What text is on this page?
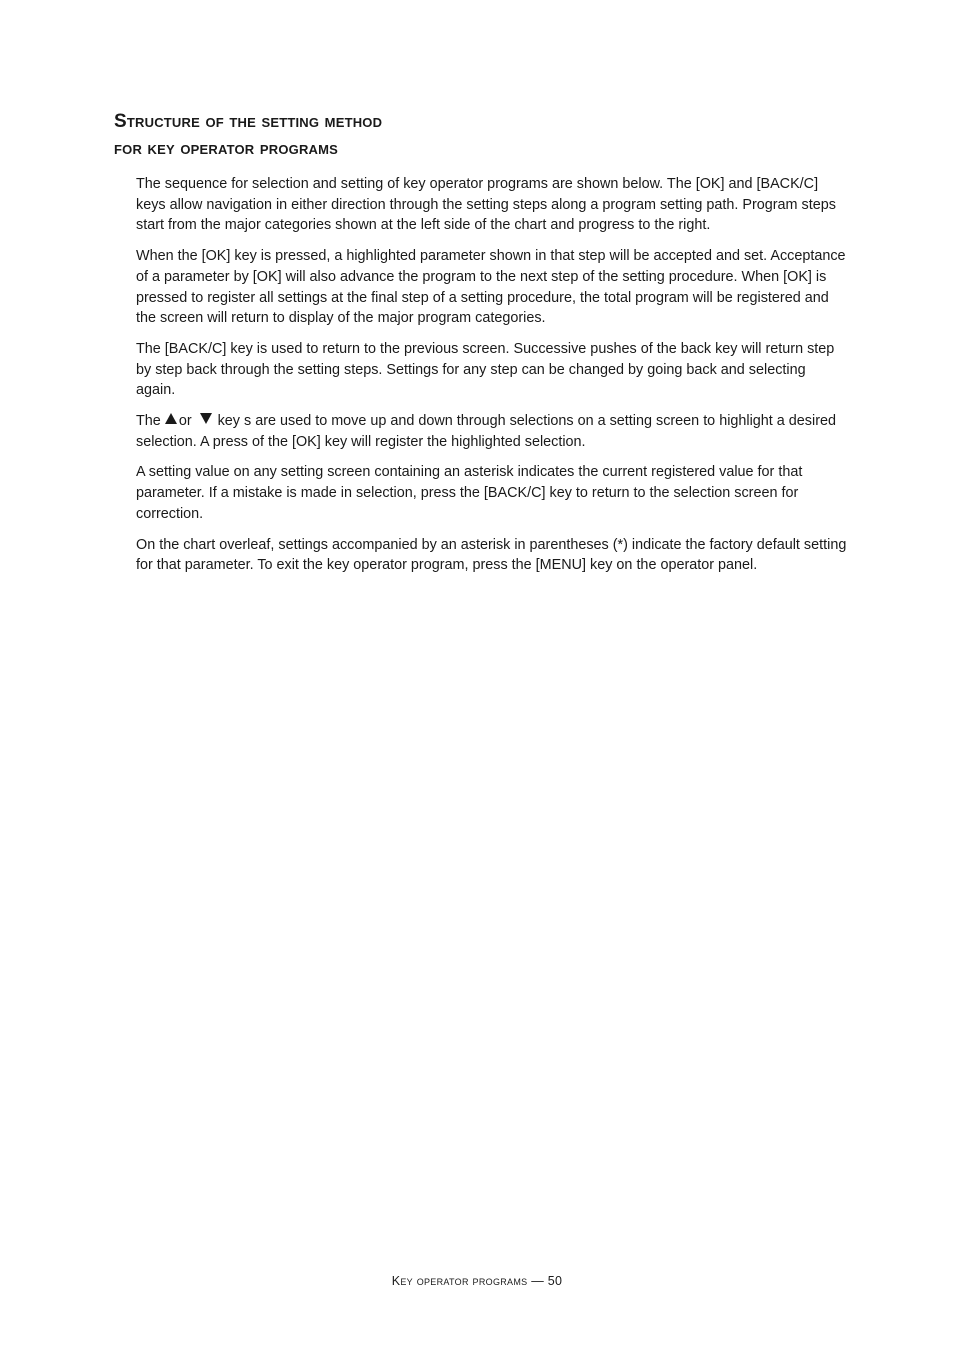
Structure of the setting method
for key operator programs

The sequence for selection and setting of key operator programs are shown below. The [OK] and [BACK/C] keys allow navigation in either direction through the setting steps along a program setting path. Program steps start from the major categories shown at the left side of the chart and progress to the right.

When the [OK] key is pressed, a highlighted parameter shown in that step will be accepted and set. Acceptance of a parameter by [OK] will also advance the program to the next step of the setting procedure. When [OK] is pressed to register all settings at the final step of a setting procedure, the total program will be registered and the screen will return to display of the major program categories.

The [BACK/C] key is used to return to the previous screen. Successive pushes of the back key will return step by step back through the setting steps. Settings for any step can be changed by going back and selecting again.

The or key s are used to move up and down through selections on a setting screen to highlight a desired selection. A press of the [OK] key will register the highlighted selection.

A setting value on any setting screen containing an asterisk indicates the current registered value for that parameter. If a mistake is made in selection, press the [BACK/C] key to return to the selection screen for correction.

On the chart overleaf, settings accompanied by an asterisk in parentheses (*) indicate the factory default setting for that parameter. To exit the key operator program, press the [MENU] key on the operator panel.

Key operator programs — 50
